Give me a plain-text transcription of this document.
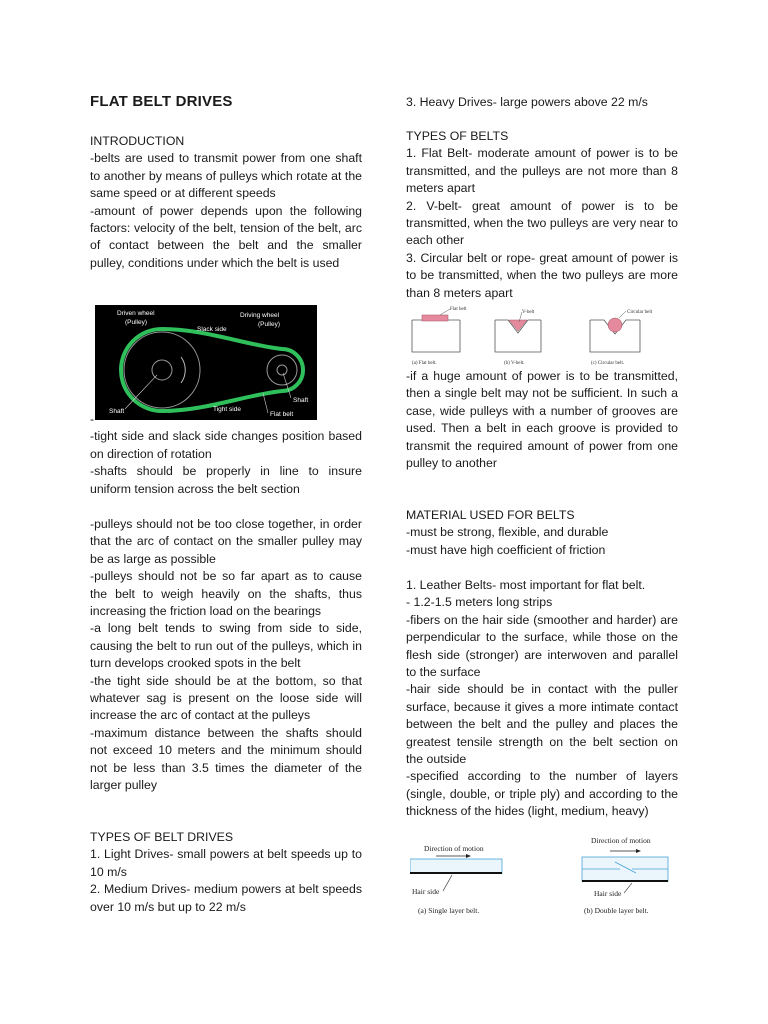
FLAT BELT DRIVES
INTRODUCTION
-belts are used to transmit power from one shaft to another by means of pulleys which rotate at the same speed or at different speeds
-amount of power depends upon the following factors: velocity of the belt, tension of the belt, arc of contact between the belt and the smaller pulley, conditions under which the belt is used
Driven wheel
(Pulley)
Driving wheel
(Pulley)
Slack side
Tight side
Shaft
Shaft
Flat belt
-
-tight side and slack side changes position based on direction of rotation
-shafts should be properly in line to insure uniform tension across the belt section
-pulleys should not be too close together, in order that the arc of contact on the smaller pulley may be as large as possible
-pulleys should not be so far apart as to cause the belt to weigh heavily on the shafts, thus increasing the friction load on the bearings
-a long belt tends to swing from side to side, causing the belt to run out of the pulleys, which in turn develops crooked spots in the belt
-the tight side should be at the bottom, so that whatever sag is present on the loose side will increase the arc of contact at the pulleys
-maximum distance between the shafts should not exceed 10 meters and the minimum should not be less than 3.5 times the diameter of the larger pulley
TYPES OF BELT DRIVES
1. Light Drives- small powers at belt speeds up to 10 m/s
2. Medium Drives- medium powers at belt speeds over 10 m/s but up to 22 m/s
3. Heavy Drives- large powers above 22 m/s
TYPES OF BELTS
1. Flat Belt- moderate amount of power is to be transmitted, and the pulleys are not more than 8 meters apart
2. V-belt- great amount of power is to be transmitted, when the two pulleys are very near to each other
3. Circular belt or rope- great amount of power is to be transmitted, when the two pulleys are more than 8 meters apart
Flat belt
V-belt	Circular belt
(a) Flat belt.	(b) V-belt.	(c) Circular belt.
-if a huge amount of power is to be transmitted, then a single belt may not be sufficient. In such a case, wide pulleys with a number of grooves are used. Then a belt in each groove is provided to transmit the required amount of power from one pulley to another
MATERIAL USED FOR BELTS
-must be strong, flexible, and durable
-must have high coefficient of friction
1. Leather Belts- most important for flat belt.
- 1.2-1.5 meters long strips
-fibers on the hair side (smoother and harder) are perpendicular to the surface, while those on the flesh side (stronger) are interwoven and parallel to the surface
-hair side should be in contact with the puller surface, because it gives a more intimate contact between the belt and the pulley and places the greatest tensile strength on the belt section on the outside
-specified according to the number of layers (single, double, or triple ply) and according to the thickness of the hides (light, medium, heavy)
Direction of motion
Hair side
(a) Single layer belt.
Direction of motion
Hair side
(b) Double layer belt.
